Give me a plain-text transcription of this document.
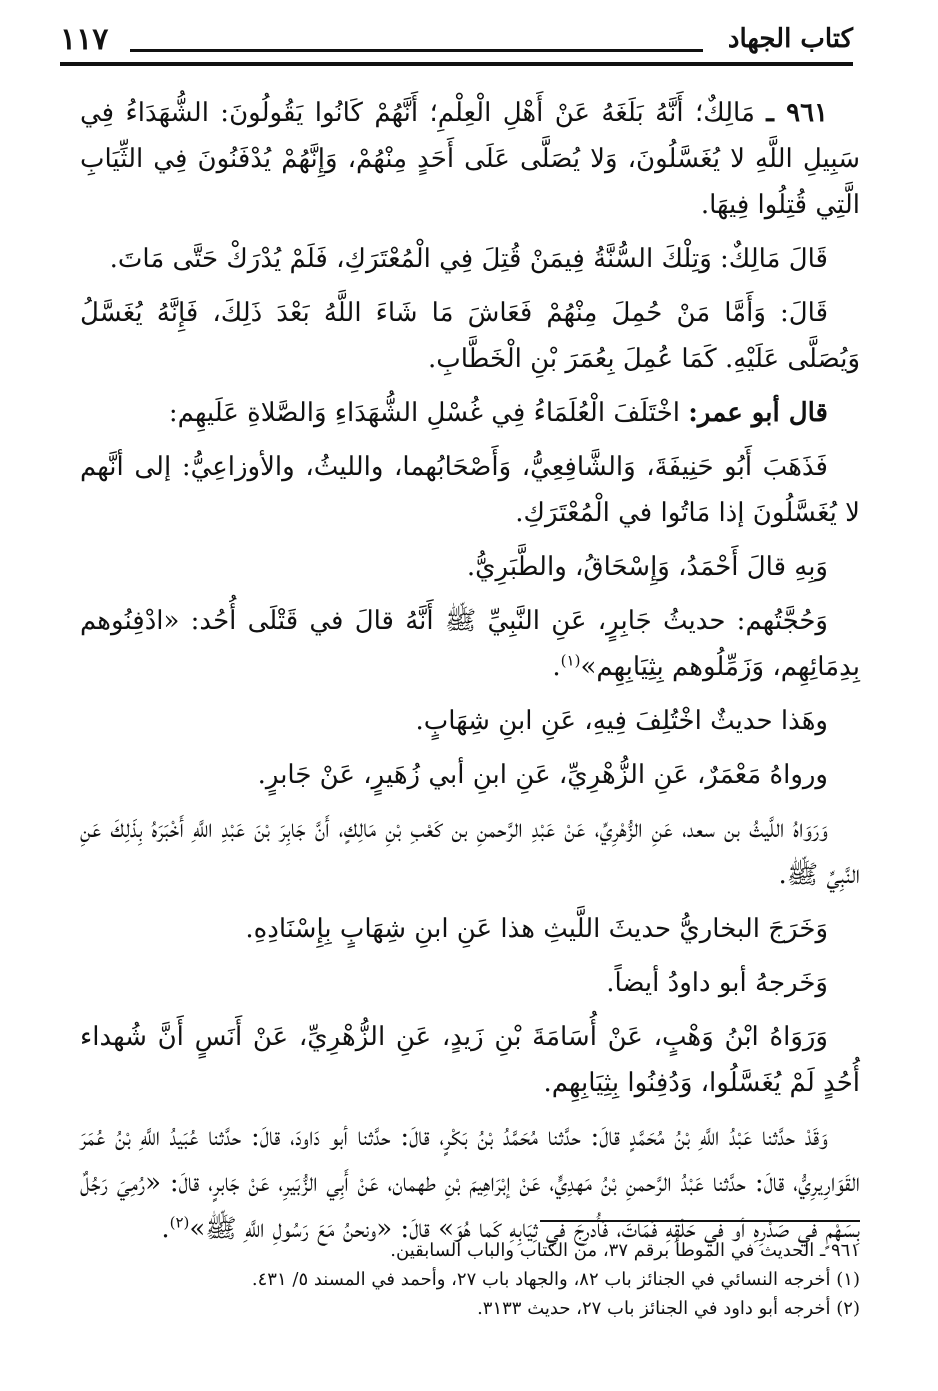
كتاب الجهاد
١١٧

٩٦١ ـ مَالِكٌ؛ أَنَّهُ بَلَغَهُ عَنْ أَهْلِ الْعِلْمِ؛ أَنَّهُمْ كَانُوا يَقُولُونَ: الشُّهَدَاءُ فِي سَبِيلِ اللَّهِ لا يُغَسَّلُونَ، وَلا يُصَلَّى عَلَى أَحَدٍ مِنْهُمْ، وَإِنَّهُمْ يُدْفَنُونَ فِي الثِّيَابِ الَّتِي قُتِلُوا فِيهَا.

قَالَ مَالِكٌ: وَتِلْكَ السُّنَّةُ فِيمَنْ قُتِلَ فِي الْمُعْتَرَكِ، فَلَمْ يُدْرَكْ حَتَّى مَاتَ.

قَالَ: وَأَمَّا مَنْ حُمِلَ مِنْهُمْ فَعَاشَ مَا شَاءَ اللَّهُ بَعْدَ ذَلِكَ، فَإِنَّهُ يُغَسَّلُ وَيُصَلَّى عَلَيْهِ. كَمَا عُمِلَ بِعُمَرَ بْنِ الْخَطَّابِ.

قال أبو عمر: اخْتَلَفَ الْعُلَمَاءُ فِي غُسْلِ الشُّهَدَاءِ وَالصَّلاةِ عَلَيهِم:

فَذَهَبَ أَبُو حَنِيفَةَ، وَالشَّافِعِيُّ، وَأَصْحَابُهما، والليثُ، والأوزاعِيُّ: إلى أنَّهم لا يُغَسَّلُونَ إذا مَاتُوا في الْمُعْتَرَكِ.

وَبِهِ قالَ أَحْمَدُ، وَإِسْحَاقُ، والطَّبَرِيُّ.

وَحُجَّتُهم: حديثُ جَابِرٍ، عَنِ النَّبِيِّ ﷺ أَنَّهُ قالَ في قَتْلَى أُحُد: «ادْفِنُوهم بِدِمَائِهِم، وَزَمِّلُوهم بِثِيَابِهِم»$^{(١)}$.

وهَذا حديثٌ اخْتُلِفَ فِيهِ، عَنِ ابنِ شِهَابٍ.

ورواهُ مَعْمَرٌ، عَنِ الزُّهْرِيِّ، عَنِ ابنِ أبي زُهَيرٍ، عَنْ جَابرٍ.

وَرَوَاهُ اللَّيثُ بن سعد، عَنِ الزُّهْرِيِّ، عَنْ عَبْدِ الرَّحمنِ بن كَعْبِ بْنِ مَالِكٍ، أَنَّ جَابِرَ بْنَ عَبْدِ اللَّهِ أَخْبَرَهُ بِذَلِكَ عَنِ النَّبِيِّ ﷺ.

وَخَرَجَ البخاريُّ حديثَ اللَّيثِ هذا عَنِ ابنِ شِهَابٍ بِإِسْنَادِهِ.

وَخَرجهُ أبو داودُ أيضاً.

وَرَوَاهُ ابْنُ وَهْبٍ، عَنْ أُسَامَةَ بْنِ زَيدٍ، عَنِ الزُّهْرِيِّ، عَنْ أَنَسٍ أَنَّ شُهداء أُحُدٍ لَمْ يُغَسَّلُوا، وَدُفِنُوا بِثِيَابِهِم.

وَقَدْ حدَّثنا عَبْدُ اللَّهِ بْنُ مُحَمَّدٍ قالَ: حدَّثنا مُحَمَّدُ بْنُ بَكْرٍ، قالَ: حدَّثنا أبو دَاودَ، قالَ: حدَّثنا عُبَيدُ اللَّهِ بْنُ عُمَرَ القَوَارِيرِيُّ، قالَ: حدَّثنا عَبْدُ الرَّحمنِ بْنُ مَهدِيٍّ، عَنْ إبْرَاهِيمَ بْنِ طهمان، عَنْ أَبِي الزُّبَيرِ، عَنْ جَابرٍ، قالَ: «رُمِيَ رَجُلٌ بِسَهْمٍ في صَدْرِهِ أو في حَلْقِهِ فَمَاتَ، فَأُدرِجَ في ثِيَابِهِ كَما هُوَ» قالَ: «ونحنُ مَعَ رَسُولِ اللَّهِ ﷺ»$^{(٢)}$.

٩٦١ ـ الحديث في الموطأ برقم ٣٧، من الكتاب والباب السابقين.
(١) أخرجه النسائي في الجنائز باب ٨٢، والجهاد باب ٢٧، وأحمد في المسند ٥/ ٤٣١.
(٢) أخرجه أبو داود في الجنائز باب ٢٧، حديث ٣١٣٣.
